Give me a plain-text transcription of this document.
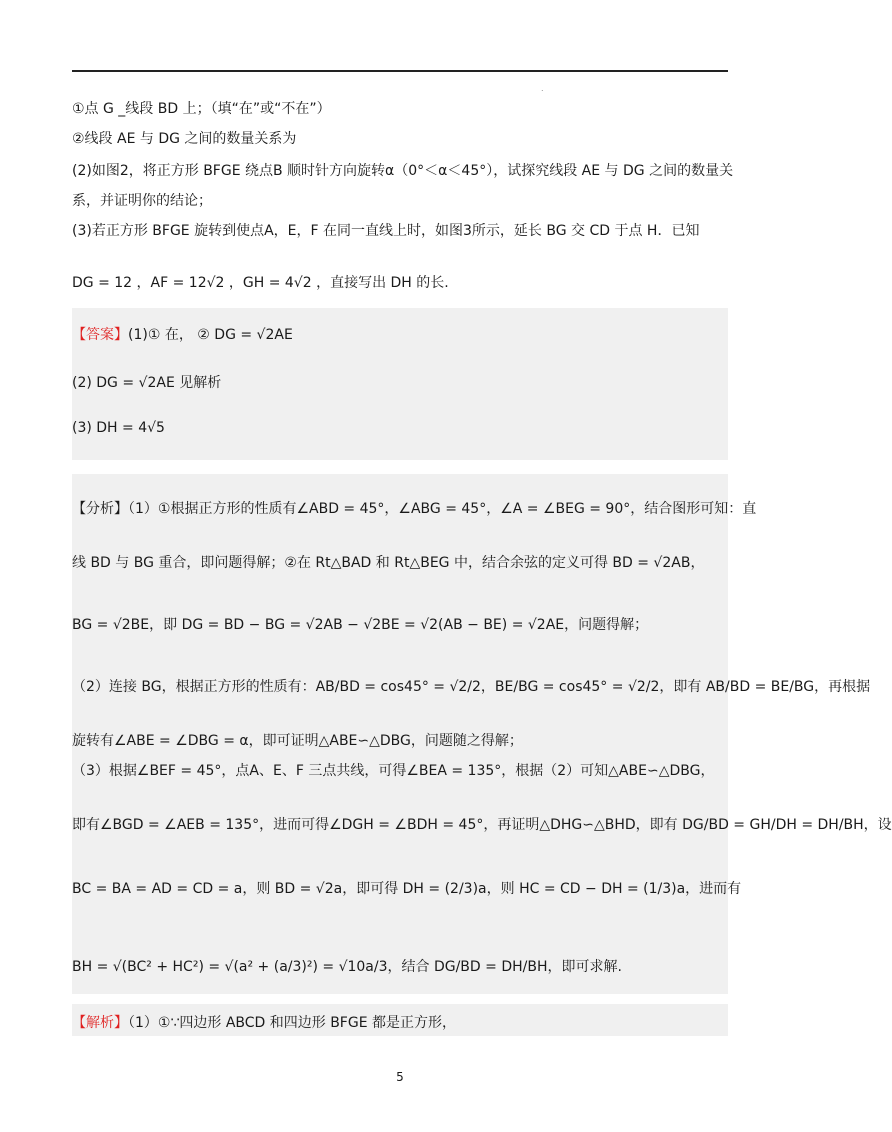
.
①点 G _线段 BD 上；（填“在”或“不在”）
②线段 AE 与 DG 之间的数量关系为
(2)如图2，将正方形 BFGE 绕点B 顺时针方向旋转α（0°＜α＜45°），试探究线段 AE 与 DG 之间的数量关
系，并证明你的结论；
(3)若正方形 BFGE 旋转到使点A，E，F 在同一直线上时，如图3所示，延长 BG 交 CD 于点 H．已知
DG = 12 ，AF = 12√2 ，GH = 4√2 ，直接写出 DH 的长.
【答案】(1)① 在， ② DG = √2AE
(2) DG = √2AE 见解析
(3) DH = 4√5
【分析】（1）①根据正方形的性质有∠ABD = 45°，∠ABG = 45°，∠A = ∠BEG = 90°，结合图形可知：直
线 BD 与 BG 重合，即问题得解；②在 Rt△BAD 和 Rt△BEG 中，结合余弦的定义可得 BD = √2AB，
BG = √2BE，即 DG = BD − BG = √2AB − √2BE = √2(AB − BE) = √2AE，问题得解；
（2）连接 BG，根据正方形的性质有：AB/BD = cos45° = √2/2，BE/BG = cos45° = √2/2，即有 AB/BD = BE/BG，再根据
旋转有∠ABE = ∠DBG = α，即可证明△ABE∽△DBG，问题随之得解；
（3）根据∠BEF = 45°，点A、E、F 三点共线，可得∠BEA = 135°，根据（2）可知△ABE∽△DBG，
即有∠BGD = ∠AEB = 135°，进而可得∠DGH = ∠BDH = 45°，再证明△DHG∽△BHD，即有 DG/BD = GH/DH = DH/BH，设
BC = BA = AD = CD = a，则 BD = √2a，即可得 DH = (2/3)a，则 HC = CD − DH = (1/3)a，进而有
BH = √(BC² + HC²) = √(a² + (a/3)²) = √10a/3，结合 DG/BD = DH/BH，即可求解.
【解析】（1）①∵四边形 ABCD 和四边形 BFGE 都是正方形，
5
